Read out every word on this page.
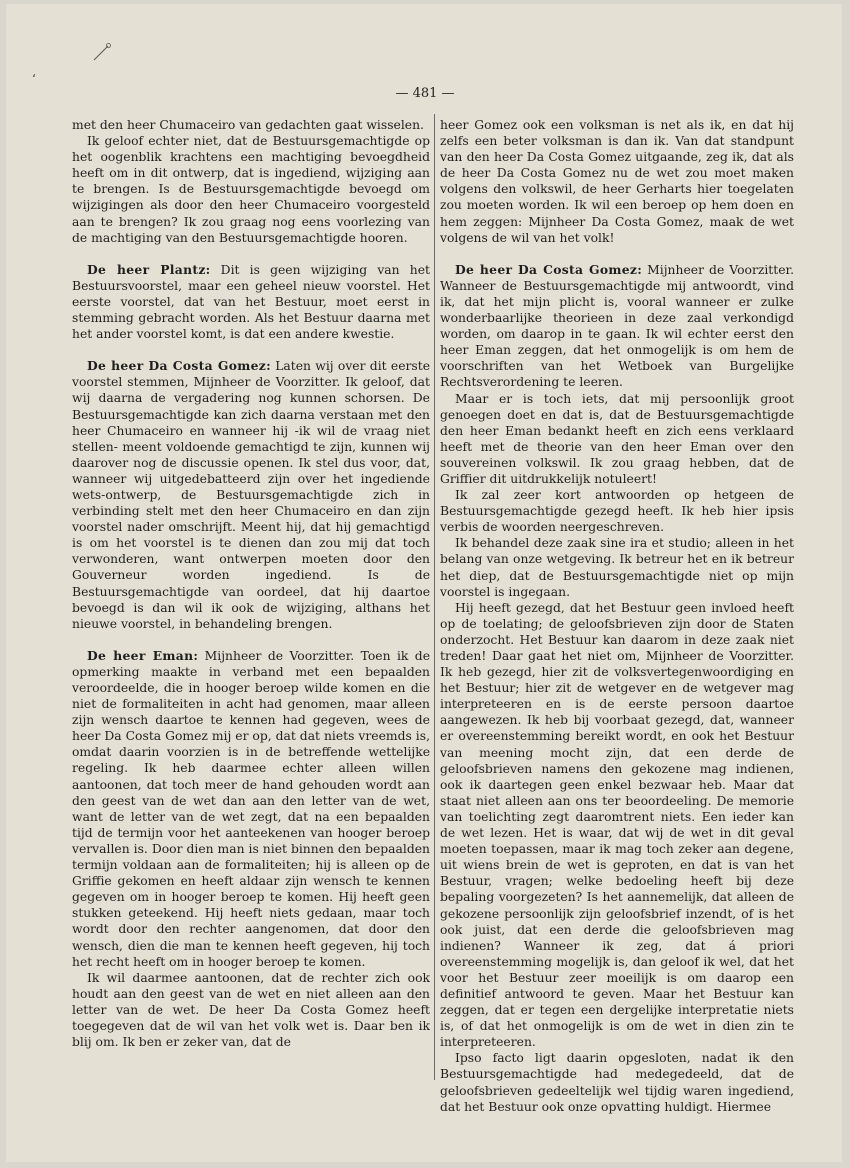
‘
— 481 —

met den heer Chumaceiro van gedachten gaat wisselen.

Ik geloof echter niet, dat de Bestuursgemachtigde op het oogenblik krachtens een machtiging bevoegdheid heeft om in dit ontwerp, dat is ingediend, wijziging aan te brengen. Is de Bestuursgemachtigde bevoegd om wijzigingen als door den heer Chumaceiro voorgesteld aan te brengen? Ik zou graag nog eens voorlezing van de machtiging van den Bestuursgemachtigde hooren.

De heer Plantz: Dit is geen wijziging van het Bestuursvoorstel, maar een geheel nieuw voorstel. Het eerste voorstel, dat van het Bestuur, moet eerst in stemming gebracht worden. Als het Bestuur daarna met het ander voorstel komt, is dat een andere kwestie.

De heer Da Costa Gomez: Laten wij over dit eerste voorstel stemmen, Mijnheer de Voorzitter. Ik geloof, dat wij daarna de vergadering nog kunnen schorsen. De Bestuursgemachtigde kan zich daarna verstaan met den heer Chumaceiro en wanneer hij -ik wil de vraag niet stellen- meent voldoende gemachtigd te zijn, kunnen wij daarover nog de discussie openen. Ik stel dus voor, dat, wanneer wij uitgedebatteerd zijn over het ingediende wets-ontwerp, de Bestuursgemachtigde zich in verbinding stelt met den heer Chumaceiro en dan zijn voorstel nader omschrijft. Meent hij, dat hij gemachtigd is om het voorstel is te dienen dan zou mij dat toch verwonderen, want ontwerpen moeten door den Gouverneur worden ingediend. Is de Bestuursgemachtigde van oordeel, dat hij daartoe bevoegd is dan wil ik ook de wijziging, althans het nieuwe voorstel, in behandeling brengen.

De heer Eman: Mijnheer de Voorzitter. Toen ik de opmerking maakte in verband met een bepaalden veroordeelde, die in hooger beroep wilde komen en die niet de formaliteiten in acht had genomen, maar alleen zijn wensch daartoe te kennen had gegeven, wees de heer Da Costa Gomez mij er op, dat dat niets vreemds is, omdat daarin voorzien is in de betreffende wettelijke regeling. Ik heb daarmee echter alleen willen aantoonen, dat toch meer de hand gehouden wordt aan den geest van de wet dan aan den letter van de wet, want de letter van de wet zegt, dat na een bepaalden tijd de termijn voor het aanteekenen van hooger beroep vervallen is. Door dien man is niet binnen den bepaalden termijn voldaan aan de formaliteiten; hij is alleen op de Griffie gekomen en heeft aldaar zijn wensch te kennen gegeven om in hooger beroep te komen. Hij heeft geen stukken geteekend. Hij heeft niets gedaan, maar toch wordt door den rechter aangenomen, dat door den wensch, dien die man te kennen heeft gegeven, hij toch het recht heeft om in hooger beroep te komen.

Ik wil daarmee aantoonen, dat de rechter zich ook houdt aan den geest van de wet en niet alleen aan den letter van de wet. De heer Da Costa Gomez heeft toegegeven dat de wil van het volk wet is. Daar ben ik blij om. Ik ben er zeker van, dat de

heer Gomez ook een volksman is net als ik, en dat hij zelfs een beter volksman is dan ik. Van dat standpunt van den heer Da Costa Gomez uitgaande, zeg ik, dat als de heer Da Costa Gomez nu de wet zou moet maken volgens den volkswil, de heer Gerharts hier toegelaten zou moeten worden. Ik wil een beroep op hem doen en hem zeggen: Mijnheer Da Costa Gomez, maak de wet volgens de wil van het volk!

De heer Da Costa Gomez: Mijnheer de Voorzitter. Wanneer de Bestuursgemachtigde mij antwoordt, vind ik, dat het mijn plicht is, vooral wanneer er zulke wonderbaarlijke theorieen in deze zaal verkondigd worden, om daarop in te gaan. Ik wil echter eerst den heer Eman zeggen, dat het onmogelijk is om hem de voorschriften van het Wetboek van Burgelijke Rechtsverordening te leeren.

Maar er is toch iets, dat mij persoonlijk groot genoegen doet en dat is, dat de Bestuursgemachtigde den heer Eman bedankt heeft en zich eens verklaard heeft met de theorie van den heer Eman over den souvereinen volkswil. Ik zou graag hebben, dat de Griffier dit uitdrukkelijk notuleert!

Ik zal zeer kort antwoorden op hetgeen de Bestuursgemachtigde gezegd heeft. Ik heb hier ipsis verbis de woorden neergeschreven.

Ik behandel deze zaak sine ira et studio; alleen in het belang van onze wetgeving. Ik betreur het en ik betreur het diep, dat de Bestuursgemachtigde niet op mijn voorstel is ingegaan.

Hij heeft gezegd, dat het Bestuur geen invloed heeft op de toelating; de geloofsbrieven zijn door de Staten onderzocht. Het Bestuur kan daarom in deze zaak niet treden! Daar gaat het niet om, Mijnheer de Voorzitter. Ik heb gezegd, hier zit de volksvertegenwoordiging en het Bestuur; hier zit de wetgever en de wetgever mag interpreteeren en is de eerste persoon daartoe aangewezen. Ik heb bij voorbaat gezegd, dat, wanneer er overeenstemming bereikt wordt, en ook het Bestuur van meening mocht zijn, dat een derde de geloofsbrieven namens den gekozene mag indienen, ook ik daartegen geen enkel bezwaar heb. Maar dat staat niet alleen aan ons ter beoordeeling. De memorie van toelichting zegt daaromtrent niets. Een ieder kan de wet lezen. Het is waar, dat wij de wet in dit geval moeten toepassen, maar ik mag toch zeker aan degene, uit wiens brein de wet is geproten, en dat is van het Bestuur, vragen; welke bedoeling heeft bij deze bepaling voorgezeten? Is het aannemelijk, dat alleen de gekozene persoonlijk zijn geloofsbrief inzendt, of is het ook juist, dat een derde die geloofsbrieven mag indienen? Wanneer ik zeg, dat á priori overeenstemming mogelijk is, dan geloof ik wel, dat het voor het Bestuur zeer moeilijk is om daarop een definitief antwoord te geven. Maar het Bestuur kan zeggen, dat er tegen een dergelijke interpretatie niets is, of dat het onmogelijk is om de wet in dien zin te interpreteeren.

Ipso facto ligt daarin opgesloten, nadat ik den Bestuursgemachtigde had medegedeeld, dat de geloofsbrieven gedeeltelijk wel tijdig waren ingediend, dat het Bestuur ook onze opvatting huldigt. Hiermee
